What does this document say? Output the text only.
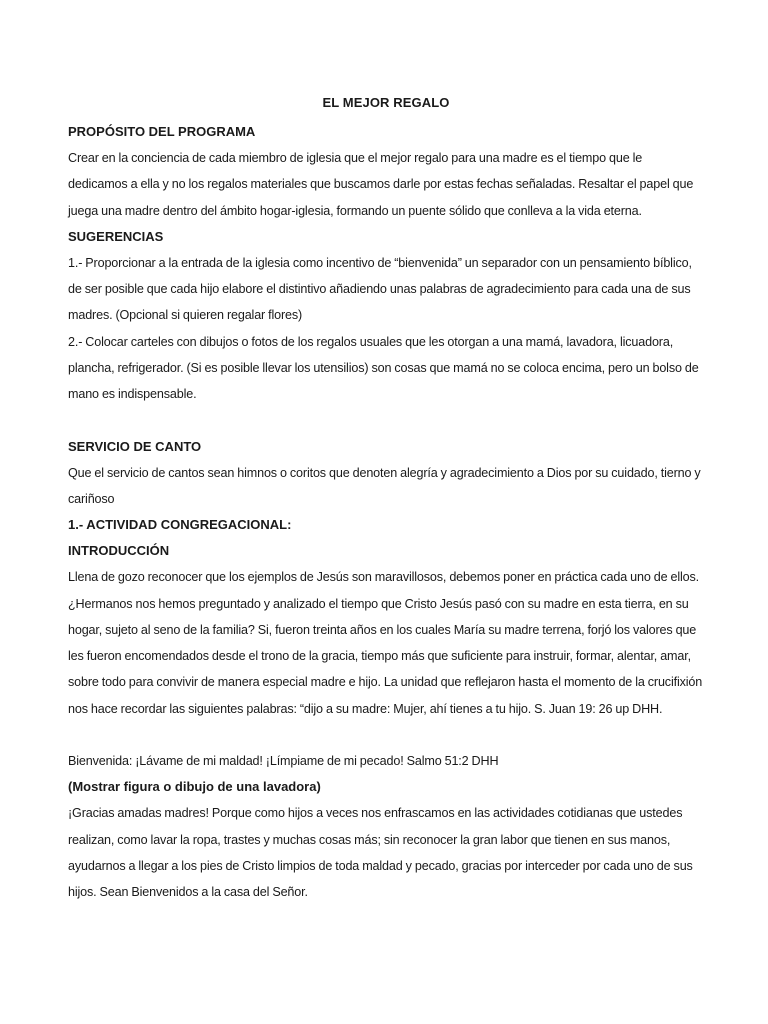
EL MEJOR REGALO
PROPÓSITO DEL PROGRAMA

Crear en la conciencia de cada miembro de iglesia que el mejor regalo para una madre es el tiempo que le dedicamos a ella y no los regalos materiales que buscamos darle por estas fechas señaladas. Resaltar el papel que juega una madre dentro del ámbito hogar-iglesia, formando un puente sólido que conlleva a la vida eterna.

SUGERENCIAS

1.- Proporcionar a la entrada de la iglesia como incentivo de “bienvenida” un separador con un pensamiento bíblico, de ser posible que cada hijo elabore el distintivo añadiendo unas palabras de agradecimiento para cada una de sus madres. (Opcional si quieren regalar flores)

2.- Colocar carteles con dibujos o fotos de los regalos usuales que les otorgan a una mamá, lavadora, licuadora, plancha, refrigerador. (Si es posible llevar los utensilios) son cosas que mamá no se coloca encima, pero un bolso de mano es indispensable.

SERVICIO DE CANTO

Que el servicio de cantos sean himnos o coritos que denoten alegría y agradecimiento a Dios por su cuidado, tierno y cariñoso

1.- ACTIVIDAD CONGREGACIONAL:
INTRODUCCIÓN

Llena de gozo reconocer que los ejemplos de Jesús son maravillosos, debemos poner en práctica cada uno de ellos. ¿Hermanos nos hemos preguntado y analizado el tiempo que Cristo Jesús pasó con su madre en esta tierra, en su hogar, sujeto al seno de la familia? Si, fueron treinta años en los cuales María su madre terrena, forjó los valores que les fueron encomendados desde el trono de la gracia, tiempo más que suficiente para instruir, formar, alentar, amar, sobre todo para convivir de manera especial madre e hijo. La unidad que reflejaron hasta el momento de la crucifixión nos hace recordar las siguientes palabras: “dijo a su madre: Mujer, ahí tienes a tu hijo. S. Juan 19: 26 up DHH.

Bienvenida: ¡Lávame de mi maldad! ¡Límpiame de mi pecado! Salmo 51:2 DHH

(Mostrar figura o dibujo de una lavadora)

¡Gracias amadas madres! Porque como hijos a veces nos enfrascamos en las actividades cotidianas que ustedes realizan, como lavar la ropa, trastes y muchas cosas más; sin reconocer la gran labor que tienen en sus manos, ayudarnos a llegar a los pies de Cristo limpios de toda maldad y pecado, gracias por interceder por cada uno de sus hijos. Sean Bienvenidos a la casa del Señor.
